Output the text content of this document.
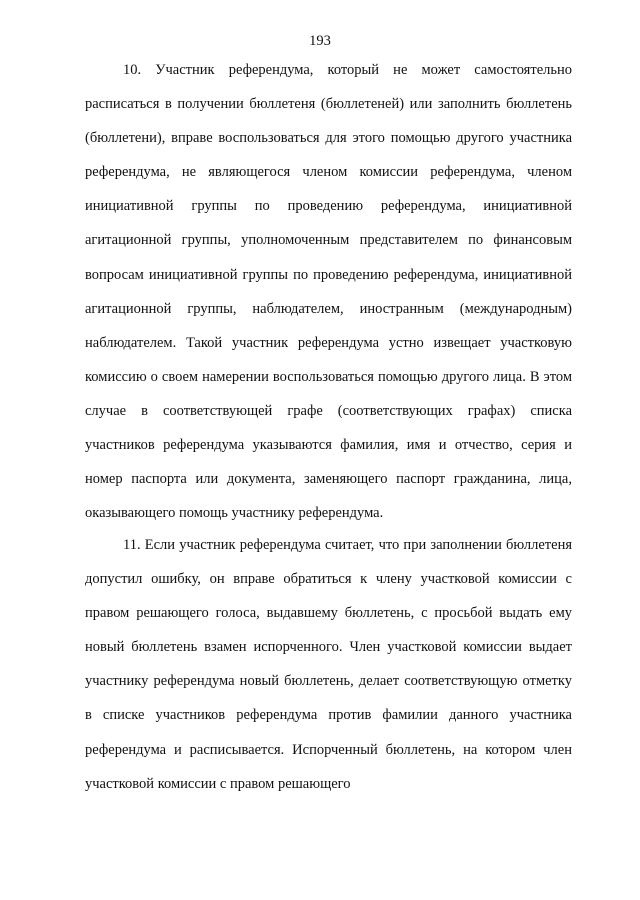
193

10. Участник референдума, который не может самостоятельно расписаться в получении бюллетеня (бюллетеней) или заполнить бюллетень (бюллетени), вправе воспользоваться для этого помощью другого участника референдума, не являющегося членом комиссии референдума, членом инициативной группы по проведению референдума, инициативной агитационной группы, уполномоченным представителем по финансовым вопросам инициативной группы по проведению референдума, инициативной агитационной группы, наблюдателем, иностранным (международным) наблюдателем. Такой участник референдума устно извещает участковую комиссию о своем намерении воспользоваться помощью другого лица. В этом случае в соответствующей графе (соответствующих графах) списка участников референдума указываются фамилия, имя и отчество, серия и номер паспорта или документа, заменяющего паспорт гражданина, лица, оказывающего помощь участнику референдума.

11. Если участник референдума считает, что при заполнении бюллетеня допустил ошибку, он вправе обратиться к члену участковой комиссии с правом решающего голоса, выдавшему бюллетень, с просьбой выдать ему новый бюллетень взамен испорченного. Член участковой комиссии выдает участнику референдума новый бюллетень, делает соответствующую отметку в списке участников референдума против фамилии данного участника референдума и расписывается. Испорченный бюллетень, на котором член участковой комиссии с правом решающего
